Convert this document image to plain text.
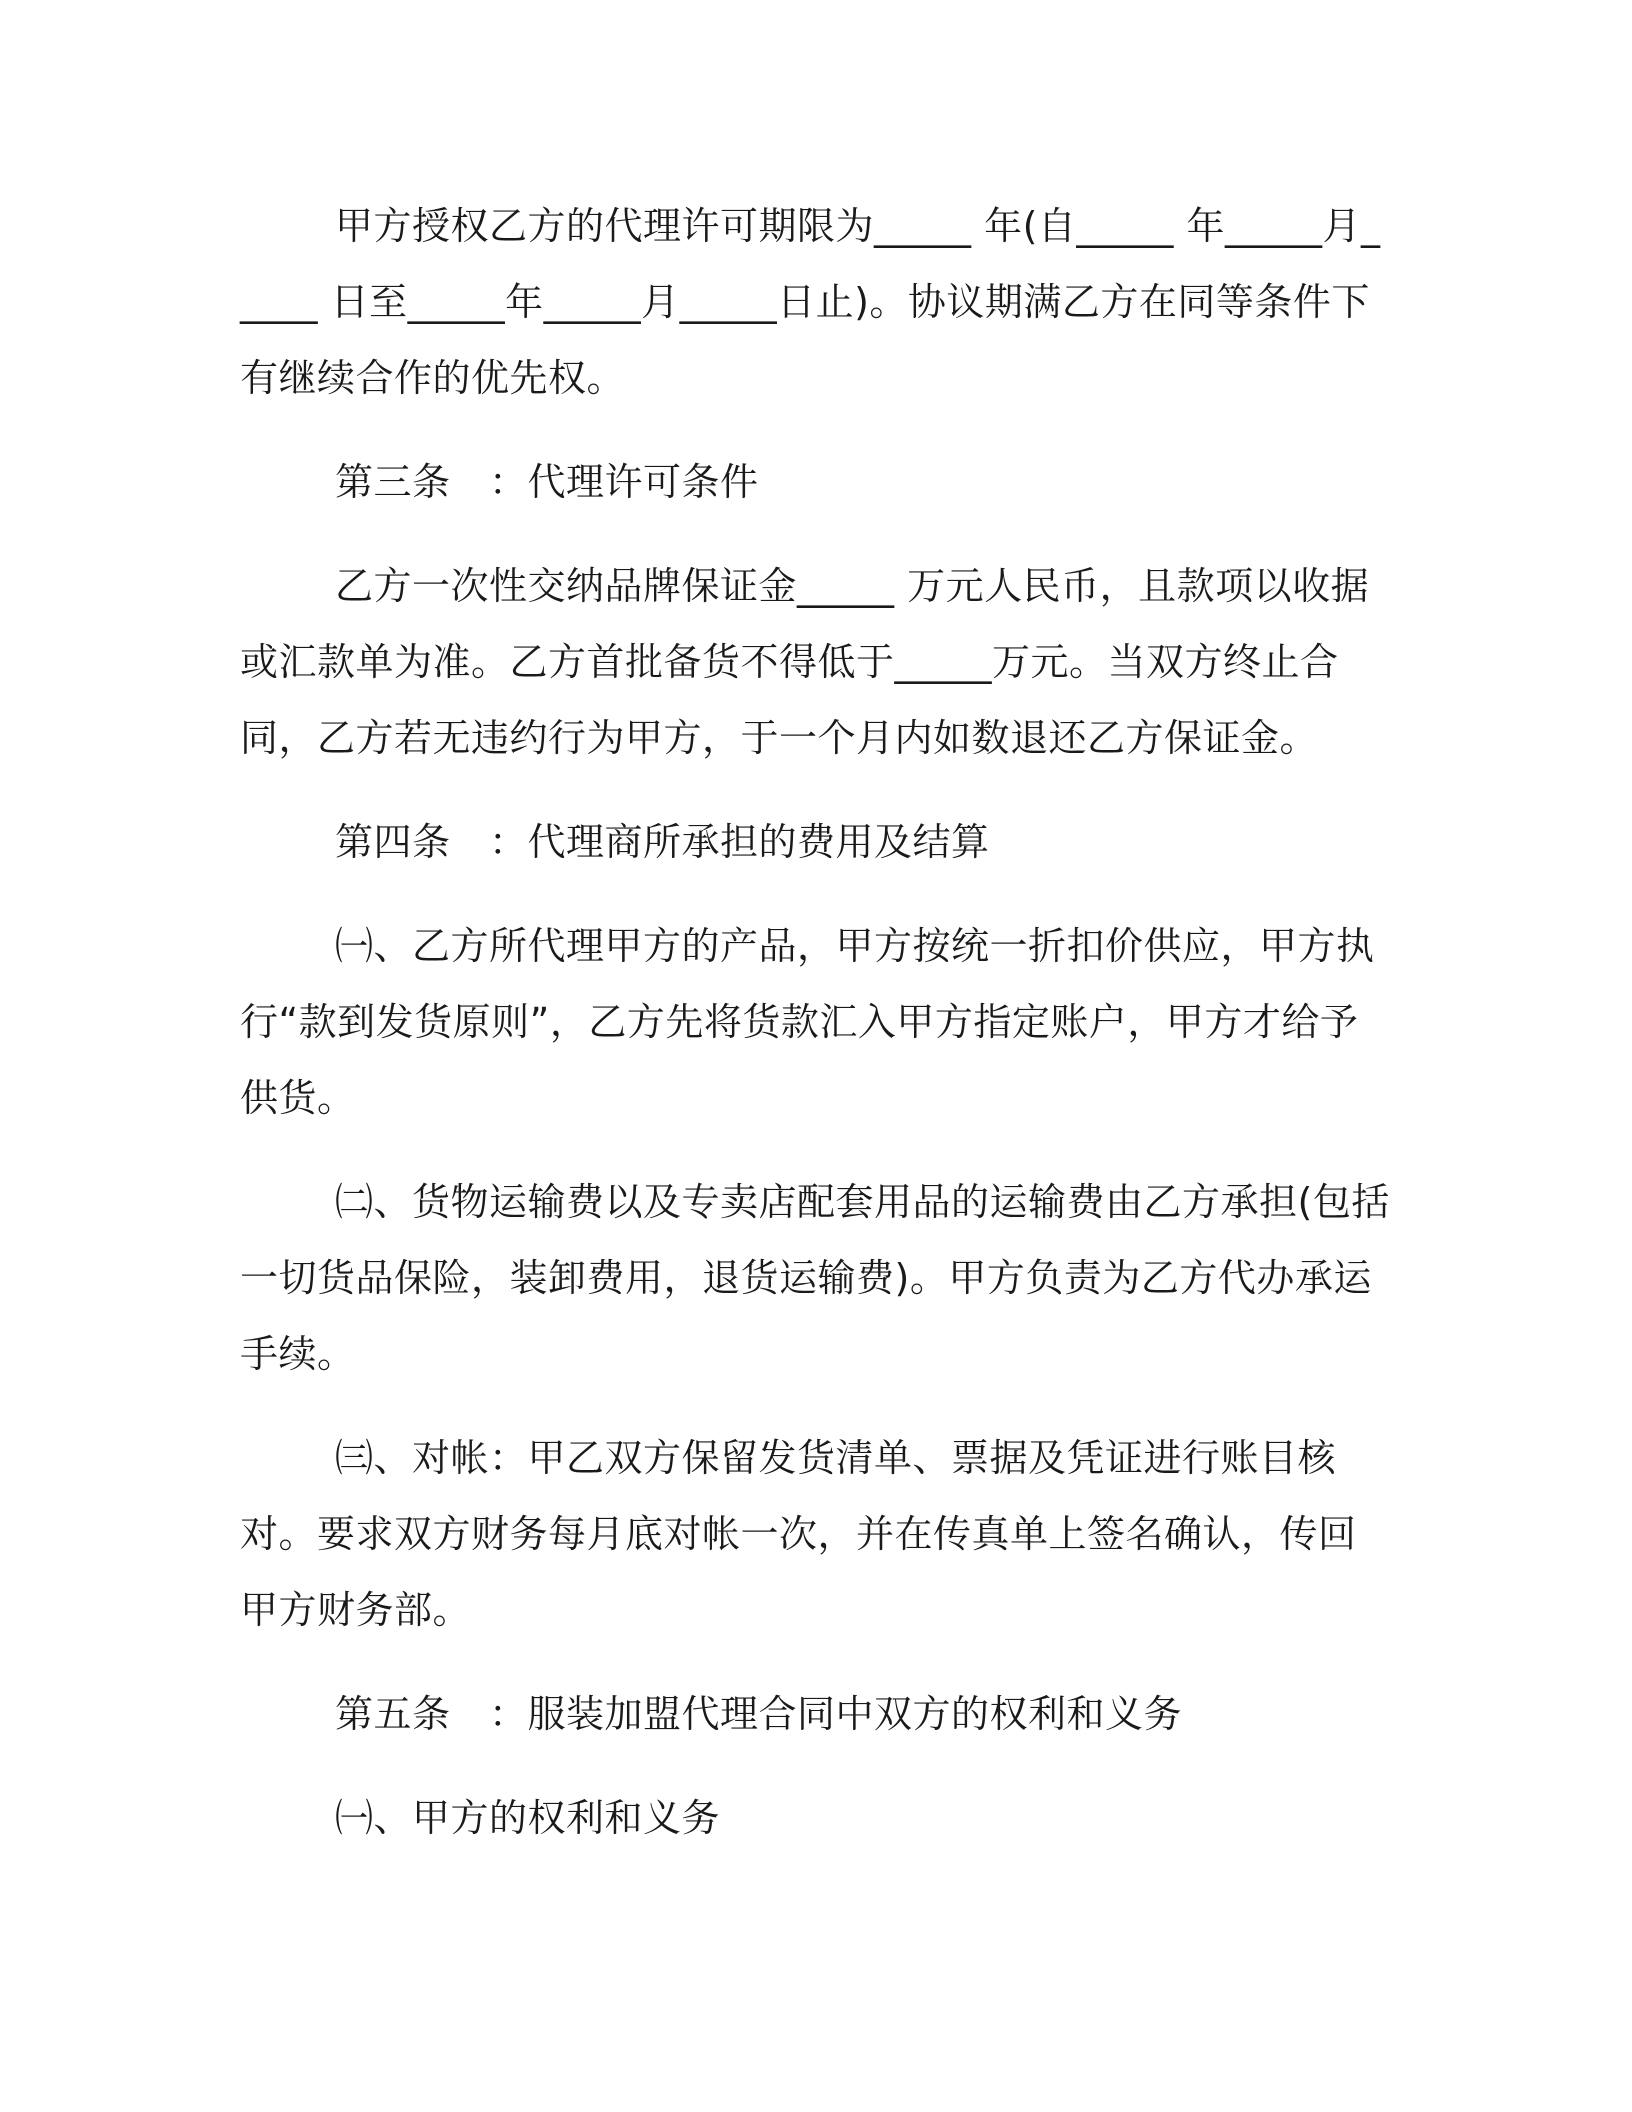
甲方授权乙方的代理许可期限为_____ 年(自_____ 年_____月_____ 日至_____年_____月_____日止)。协议期满乙方在同等条件下有继续合作的优先权。

第三条　：代理许可条件

乙方一次性交纳品牌保证金_____ 万元人民币，且款项以收据或汇款单为准。乙方首批备货不得低于_____万元。当双方终止合同，乙方若无违约行为甲方，于一个月内如数退还乙方保证金。

第四条　：代理商所承担的费用及结算

㈠、乙方所代理甲方的产品，甲方按统一折扣价供应，甲方执行“款到发货原则”，乙方先将货款汇入甲方指定账户，甲方才给予供货。

㈡、货物运输费以及专卖店配套用品的运输费由乙方承担(包括一切货品保险，装卸费用，退货运输费)。甲方负责为乙方代办承运手续。

㈢、对帐：甲乙双方保留发货清单、票据及凭证进行账目核对。要求双方财务每月底对帐一次，并在传真单上签名确认，传回甲方财务部。

第五条　：服装加盟代理合同中双方的权利和义务

㈠、甲方的权利和义务
